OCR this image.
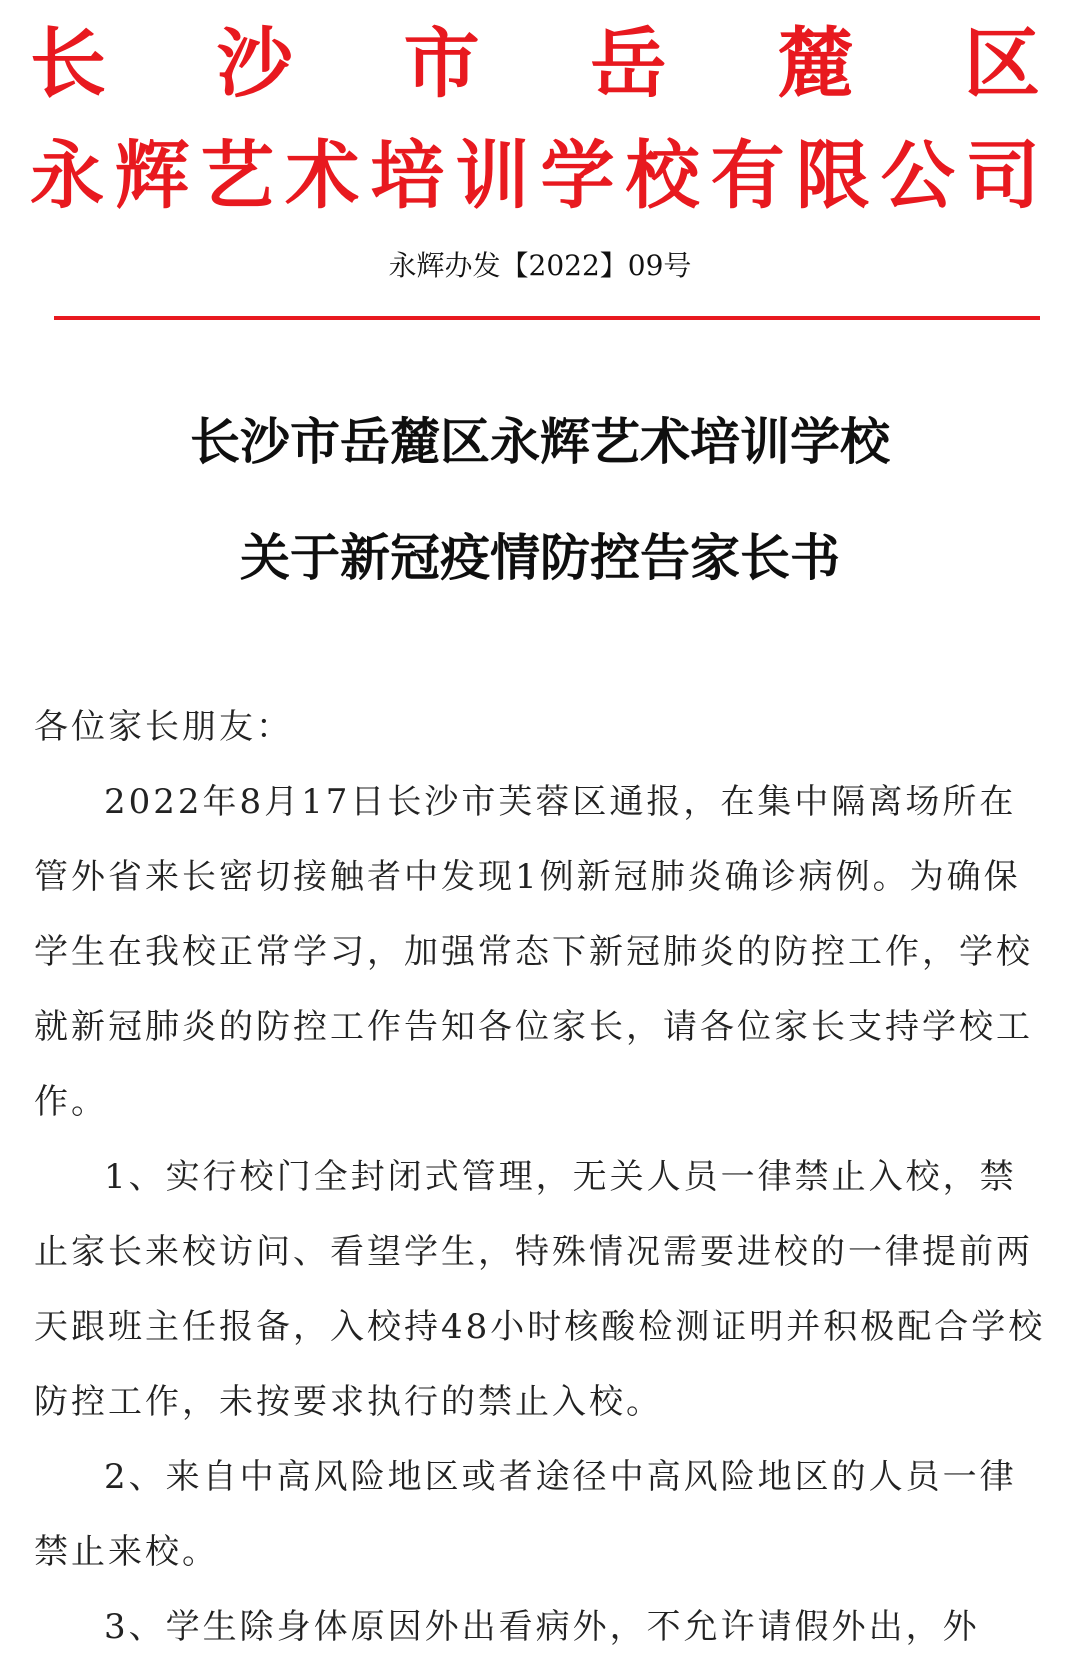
长 沙 市 岳 麓 区
永 辉 艺 术 培 训 学 校 有 限 公 司
永辉办发【2022】09号
长沙市岳麓区永辉艺术培训学校
关于新冠疫情防控告家长书

各位家长朋友：

2022年8月17日长沙市芙蓉区通报，在集中隔离场所在管外省来长密切接触者中发现1例新冠肺炎确诊病例。为确保学生在我校正常学习，加强常态下新冠肺炎的防控工作，学校就新冠肺炎的防控工作告知各位家长，请各位家长支持学校工作。

1、实行校门全封闭式管理，无关人员一律禁止入校，禁止家长来校访问、看望学生，特殊情况需要进校的一律提前两天跟班主任报备，入校持48小时核酸检测证明并积极配合学校防控工作，未按要求执行的禁止入校。

2、来自中高风险地区或者途径中高风险地区的人员一律禁止来校。

3、学生除身体原因外出看病外，不允许请假外出，外
